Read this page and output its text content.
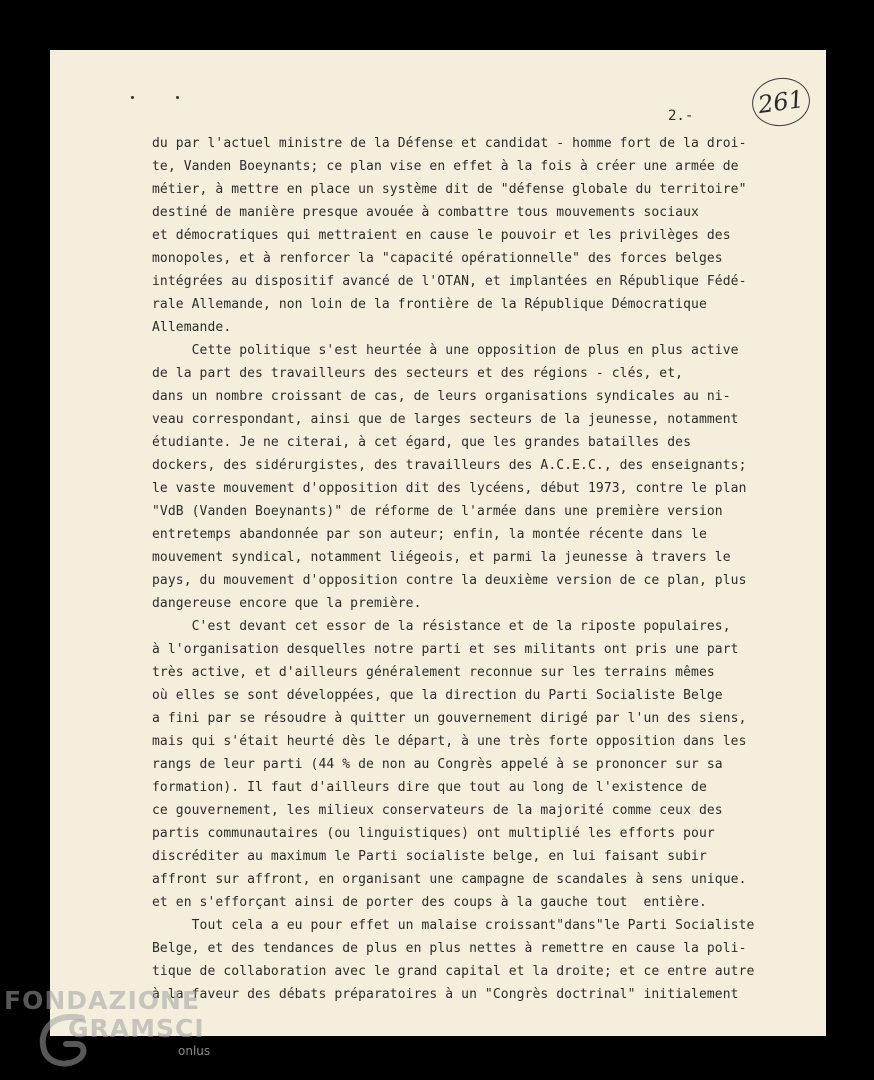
261
2.-
du par l'actuel ministre de la Défense et candidat - homme fort de la droi-
te, Vanden Boeynants; ce plan vise en effet à la fois à créer une armée de
métier, à mettre en place un système dit de "défense globale du territoire"
destiné de manière presque avouée à combattre tous mouvements sociaux
et démocratiques qui mettraient en cause le pouvoir et les privilèges des
monopoles, et à renforcer la "capacité opérationnelle" des forces belges
intégrées au dispositif avancé de l'OTAN, et implantées en République Fédé-
rale Allemande, non loin de la frontière de la République Démocratique
Allemande.
Cette politique s'est heurtée à une opposition de plus en plus active
de la part des travailleurs des secteurs et des régions - clés, et,
dans un nombre croissant de cas, de leurs organisations syndicales au ni-
veau correspondant, ainsi que de larges secteurs de la jeunesse, notamment
étudiante. Je ne citerai, à cet égard, que les grandes batailles des
dockers, des sidérurgistes, des travailleurs des A.C.E.C., des enseignants;
le vaste mouvement d'opposition dit des lycéens, début 1973, contre le plan
"VdB (Vanden Boeynants)" de réforme de l'armée dans une première version
entretemps abandonnée par son auteur; enfin, la montée récente dans le
mouvement syndical, notamment liégeois, et parmi la jeunesse à travers le
pays, du mouvement d'opposition contre la deuxième version de ce plan, plus
dangereuse encore que la première.
C'est devant cet essor de la résistance et de la riposte populaires,
à l'organisation desquelles notre parti et ses militants ont pris une part
très active, et d'ailleurs généralement reconnue sur les terrains mêmes
où elles se sont développées, que la direction du Parti Socialiste Belge
a fini par se résoudre à quitter un gouvernement dirigé par l'un des siens,
mais qui s'était heurté dès le départ, à une très forte opposition dans les
rangs de leur parti (44 % de non au Congrès appelé à se prononcer sur sa
formation). Il faut d'ailleurs dire que tout au long de l'existence de
ce gouvernement, les milieux conservateurs de la majorité comme ceux des
partis communautaires (ou linguistiques) ont multiplié les efforts pour
discréditer au maximum le Parti socialiste belge, en lui faisant subir
affront sur affront, en organisant une campagne de scandales à sens unique.
et en s'efforçant ainsi de porter des coups à la gauche tout  entière.
Tout cela a eu pour effet un malaise croissant"dans"le Parti Socialiste
Belge, et des tendances de plus en plus nettes à remettre en cause la poli-
tique de collaboration avec le grand capital et la droite; et ce entre autre
à la faveur des débats préparatoires à un "Congrès doctrinal" initialement
FONDAZIONE
GRAMSCI
onlus
